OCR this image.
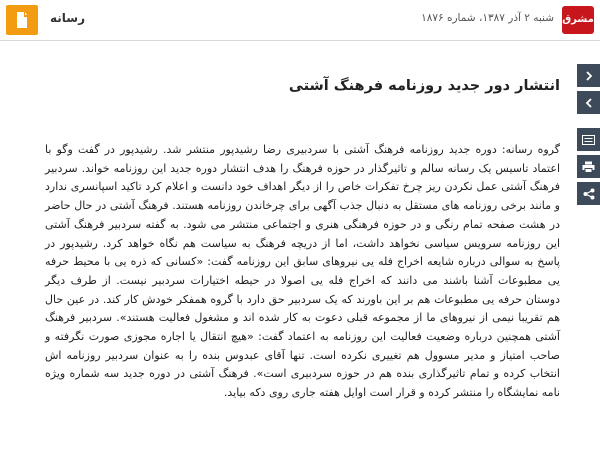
مشرق
شنبه ۲ آذر ۱۳۸۷، شماره ۱۸۷۶
رسانه
انتشار دور جدید روزنامه فرهنگ آشتی

گروه رسانه: دوره جدید روزنامه فرهنگ آشتی با سردبیری رضا رشیدپور منتشر شد. رشیدپور در گفت وگو با اعتماد تاسیس یک رسانه سالم و تاثیرگذار در حوزه فرهنگ را هدف انتشار دوره جدید این روزنامه خواند. سردبیر فرهنگ آشتی عمل نکردن ریز چرخ تفکرات خاص را از دیگر اهداف خود دانست و اعلام کرد تاکید اسپانسری ندارد و مانند برخی روزنامه های مستقل به دنبال جذب آگهی برای چرخاندن روزنامه هستند. فرهنگ آشتی در حال حاضر در هشت صفحه تمام رنگی و در حوزه فرهنگی هنری و اجتماعی منتشر می شود. به گفته سردبیر فرهنگ آشتی این روزنامه سرویس سیاسی نخواهد داشت، اما از دریچه فرهنگ به سیاست هم نگاه خواهد کرد. رشیدپور در پاسخ به سوالی درباره شایعه اخراج فله یی نیروهای سابق این روزنامه گفت: «کسانی که ذره یی با محیط حرفه یی مطبوعات آشنا باشند می دانند که اخراج فله یی اصولا در حیطه اختیارات سردبیر نیست. از طرف دیگر دوستان حرفه یی مطبوعات هم بر این باورند که یک سردبیر حق دارد با گروه همفکر خودش کار کند. در عین حال هم تقریبا نیمی از نیروهای ما از مجموعه قبلی دعوت به کار شده اند و مشغول فعالیت هستند». سردبیر فرهنگ آشتی همچنین درباره وضعیت فعالیت این روزنامه به اعتماد گفت: «هیچ انتقال یا اجاره مجوزی صورت نگرفته و صاحب امتیاز و مدیر مسوول هم تغییری نکرده است. تنها آقای عبدوس بنده را به عنوان سردبیر روزنامه اش انتخاب کرده و تمام تاثیرگذاری بنده هم در حوزه سردبیری است». فرهنگ آشتی در دوره جدید سه شماره ویژه نامه نمایشگاه را منتشر کرده و قرار است اوایل هفته جاری روی دکه بیاید.
